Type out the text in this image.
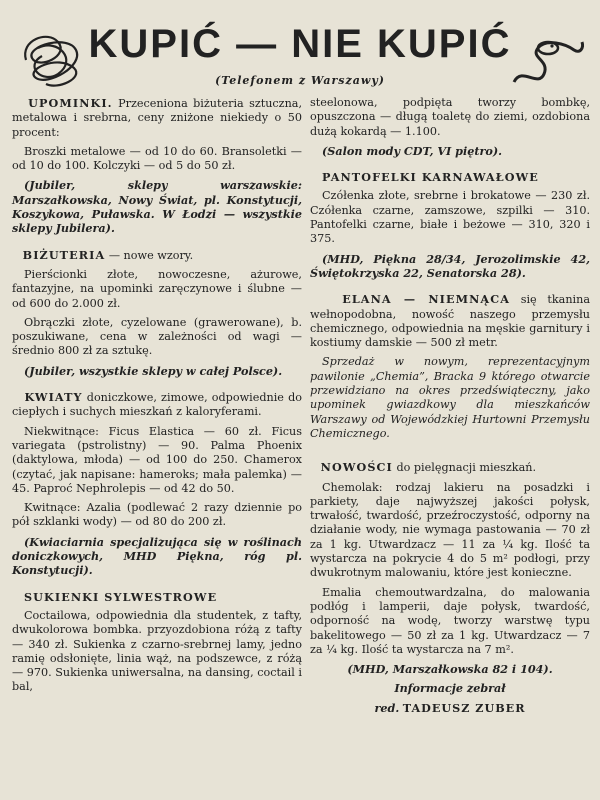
KUPIĆ — NIE KUPIĆ
(Telefonem z Warszawy)

UPOMINKI. Przeceniona biżuteria sztuczna, metalowa i srebrna, ceny zniżone niekiedy o 50 procent:

Broszki metalowe — od 10 do 60. Bransoletki — od 10 do 100. Kolczyki — od 5 do 50 zł.

(Jubiler, sklepy warszawskie: Marszałkowska, Nowy Świat, pl. Konstytucji, Koszykowa, Puławska. W Łodzi — wszystkie sklepy Jubilera).

BIŻUTERIA — nowe wzory.

Pierścionki złote, nowoczesne, ażurowe, fantazyjne, na upominki zaręczynowe i ślubne — od 600 do 2.000 zł.

Obrączki złote, cyzelowane (grawerowane), b. poszukiwane, cena w zależności od wagi — średnio 800 zł za sztukę.

(Jubiler, wszystkie sklepy w całej Polsce).

KWIATY doniczkowe, zimowe, odpowiednie do ciepłych i suchych mieszkań z kaloryferami.

Niekwitnące: Ficus Elastica — 60 zł. Ficus variegata (pstrolistny) — 90. Palma Phoenix (daktylowa, młoda) — od 100 do 250. Chamerox (czytać, jak napisane: hameroks; mała palemka) — 45. Paproć Nephrolepis — od 42 do 50.

Kwitnące: Azalia (podlewać 2 razy dziennie po pół szklanki wody) — od 80 do 200 zł.

(Kwiaciarnia specjalizująca się w roślinach doniczkowych, MHD Piękna, róg pl. Konstytucji).

SUKIENKI SYLWESTROWE

Coctailowa, odpowiednia dla studentek, z tafty, dwukolorowa bombka. przyozdobiona różą z tafty — 340 zł. Sukienka z czarno-srebrnej lamy, jedno ramię odsłonięte, linia wąż, na podszewce, z różą — 970. Sukienka uniwersalna, na dansing, coctail i bal,

steelonowa, podpięta tworzy bombkę, opuszczona — długą toaletę do ziemi, ozdobiona dużą kokardą — 1.100.

(Salon mody CDT, VI piętro).

PANTOFELKI KARNAWAŁOWE

Czółenka złote, srebrne i brokatowe — 230 zł. Czółenka czarne, zamszowe, szpilki — 310. Pantofelki czarne, białe i beżowe — 310, 320 i 375.

(MHD, Piękna 28/34, Jerozolimskie 42, Świętokrzyska 22, Senatorska 28).

ELANA — NIEMNĄCA się tkanina wełnopodobna, nowość naszego przemysłu chemicznego, odpowiednia na męskie garnitury i kostiumy damskie — 500 zł metr.

Sprzedaż w nowym, reprezentacyjnym pawilonie „Chemia”, Bracka 9 którego otwarcie przewidziano na okres przedświąteczny, jako upominek gwiazdkowy dla mieszkańców Warszawy od Wojewódzkiej Hurtowni Przemysłu Chemicznego.

NOWOŚCI do pielęgnacji mieszkań.

Chemolak: rodzaj lakieru na posadzki i parkiety, daje najwyższej jakości połysk, trwałość, twardość, przeźroczystość, odporny na działanie wody, nie wymaga pastowania — 70 zł za 1 kg. Utwardzacz — 11 za ¼ kg. Ilość ta wystarcza na pokrycie 4 do 5 m² podłogi, przy dwukrotnym malowaniu, które jest konieczne.

Emalia chemoutwardzalna, do malowania podłóg i lamperii, daje połysk, twardość, odporność na wodę, tworzy warstwę typu bakelitowego — 50 zł za 1 kg. Utwardzacz — 7 za ¼ kg. Ilość ta wystarcza na 7 m².

(MHD, Marszałkowska 82 i 104).

Informacje zebrał

red. TADEUSZ ZUBER
